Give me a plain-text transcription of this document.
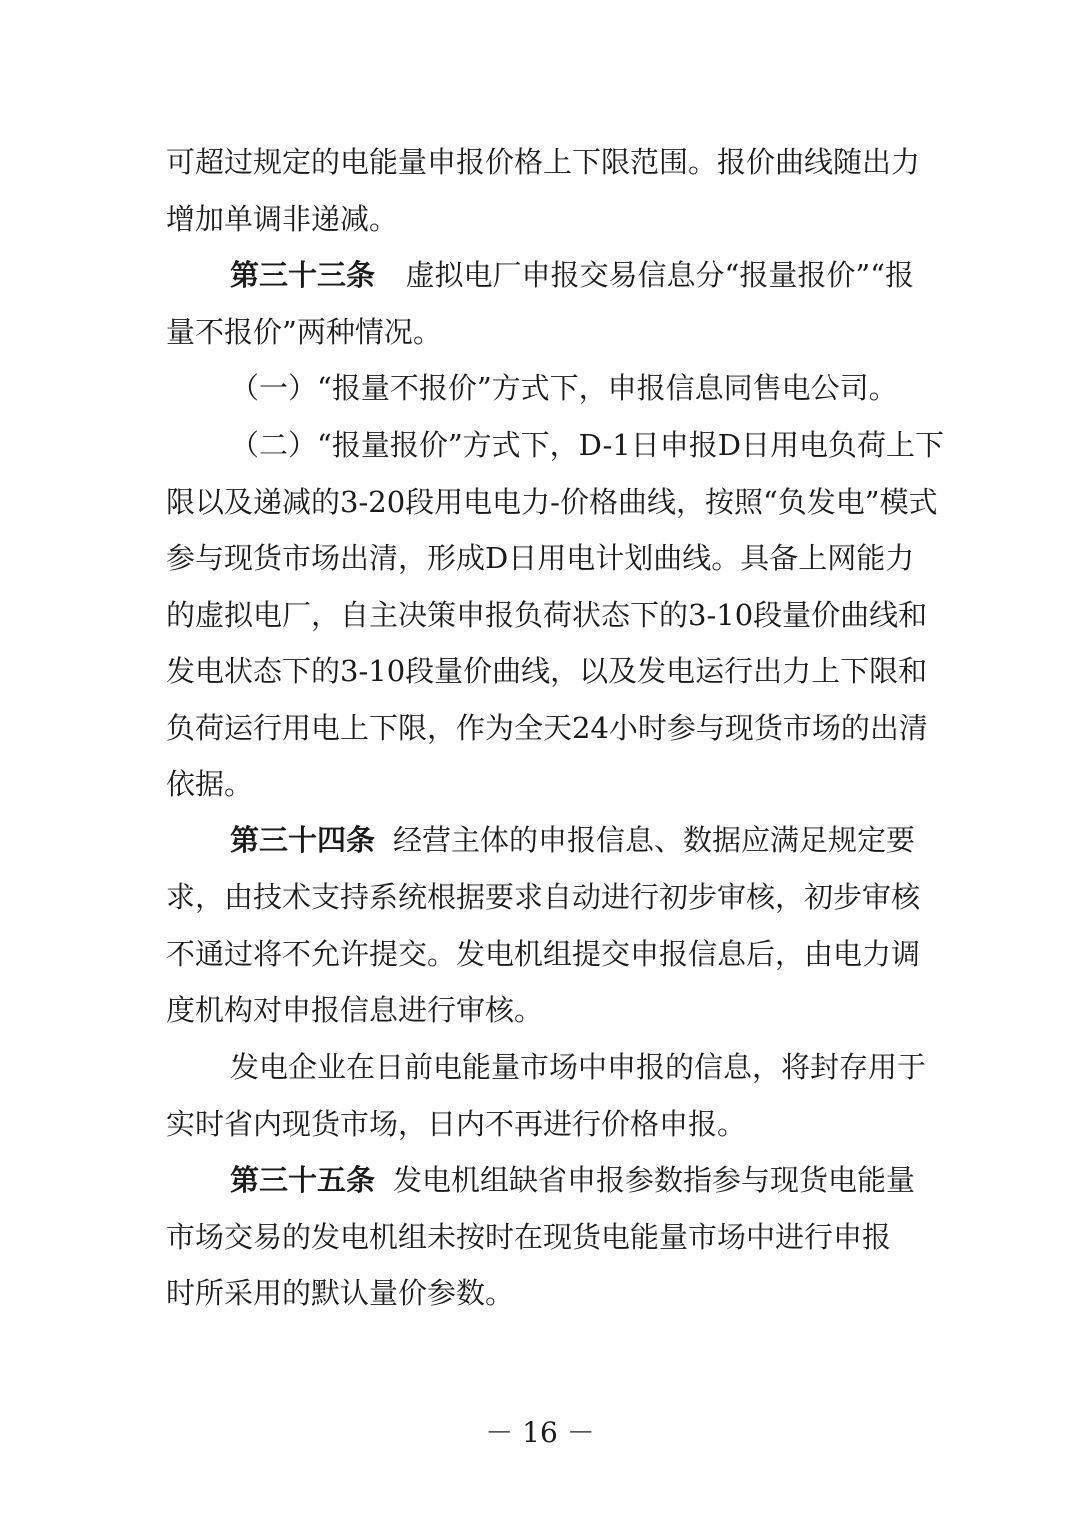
可超过规定的电能量申报价格上下限范围。报价曲线随出力
增加单调非递减。
第三十三条 虚拟电厂申报交易信息分“报量报价”“报
量不报价”两种情况。
（一）“报量不报价”方式下，申报信息同售电公司。
（二）“报量报价”方式下，D-1日申报D日用电负荷上下
限以及递减的3-20段用电电力-价格曲线，按照“负发电”模式
参与现货市场出清，形成D日用电计划曲线。具备上网能力
的虚拟电厂，自主决策申报负荷状态下的3-10段量价曲线和
发电状态下的3-10段量价曲线，以及发电运行出力上下限和
负荷运行用电上下限，作为全天24小时参与现货市场的出清
依据。
第三十四条 经营主体的申报信息、数据应满足规定要
求，由技术支持系统根据要求自动进行初步审核，初步审核
不通过将不允许提交。发电机组提交申报信息后，由电力调
度机构对申报信息进行审核。
发电企业在日前电能量市场中申报的信息，将封存用于
实时省内现货市场，日内不再进行价格申报。
第三十五条 发电机组缺省申报参数指参与现货电能量
市场交易的发电机组未按时在现货电能量市场中进行申报
时所采用的默认量价参数。
－ 16 －
